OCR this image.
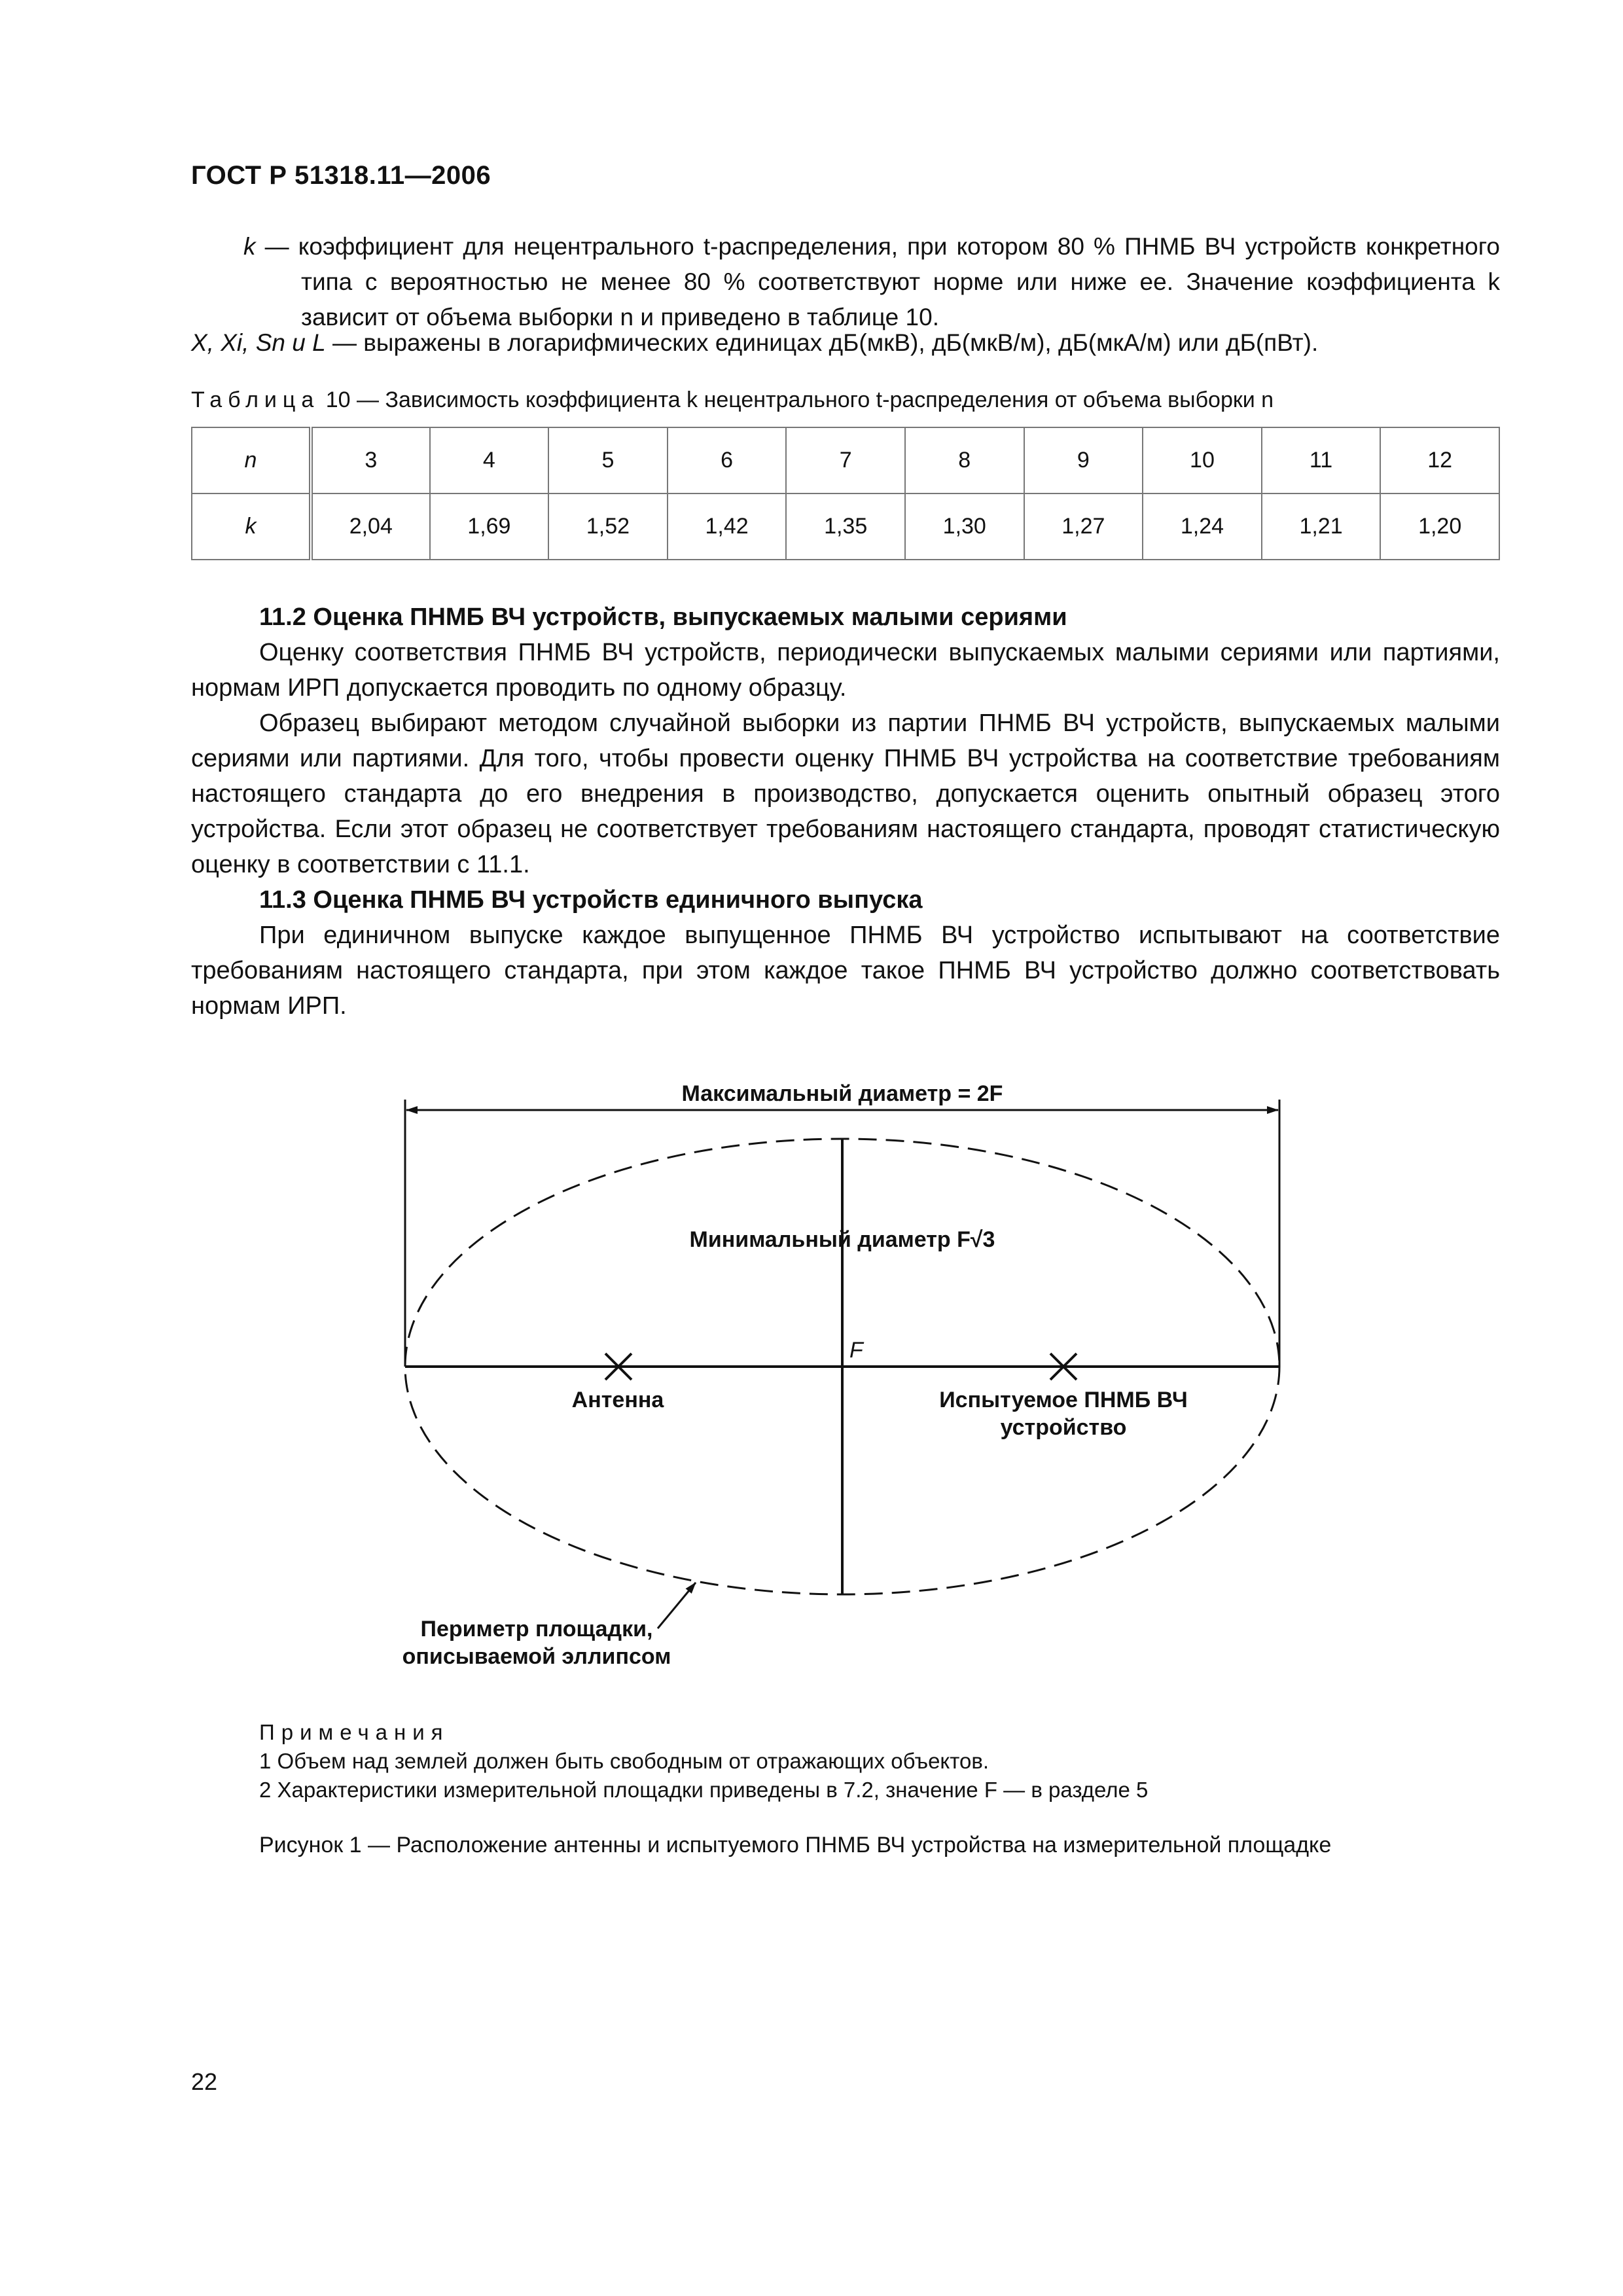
ГОСТ Р 51318.11—2006
k — коэффициент для нецентрального t-распределения, при котором 80 % ПНМБ ВЧ устройств конкретного типа с вероятностью не менее 80 % соответствуют норме или ниже ее. Значение коэффициента k зависит от объема выборки n и приведено в таблице 10.
X, Xi, Sn и L — выражены в логарифмических единицах дБ(мкВ), дБ(мкВ/м), дБ(мкА/м) или дБ(пВт).
Таблица 10 — Зависимость коэффициента k нецентрального t-распределения от объема выборки n
n	3	4	5	6	7	8	9	10	11	12
k	2,04	1,69	1,52	1,42	1,35	1,30	1,27	1,24	1,21	1,20

11.2 Оценка ПНМБ ВЧ устройств, выпускаемых малыми сериями

Оценку соответствия ПНМБ ВЧ устройств, периодически выпускаемых малыми сериями или партиями, нормам ИРП допускается проводить по одному образцу.

Образец выбирают методом случайной выборки из партии ПНМБ ВЧ устройств, выпускаемых малыми сериями или партиями. Для того, чтобы провести оценку ПНМБ ВЧ устройства на соответствие требованиям настоящего стандарта до его внедрения в производство, допускается оценить опытный образец этого устройства. Если этот образец не соответствует требованиям настоящего стандарта, проводят статистическую оценку в соответствии с 11.1.

11.3 Оценка ПНМБ ВЧ устройств единичного выпуска

При единичном выпуске каждое выпущенное ПНМБ ВЧ устройство испытывают на соответствие требованиям настоящего стандарта, при этом каждое такое ПНМБ ВЧ устройство должно соответствовать нормам ИРП.

Максимальный диаметр = 2F
Минимальный диаметр F√3
F
Антенна	Испытуемое ПНМБ ВЧ
устройство
Периметр площадки,
описываемой эллипсом
Примечания
1 Объем над землей должен быть свободным от отражающих объектов.
2 Характеристики измерительной площадки приведены в 7.2, значение F — в разделе 5
Рисунок 1 — Расположение антенны и испытуемого ПНМБ ВЧ устройства на измерительной площадке
22
